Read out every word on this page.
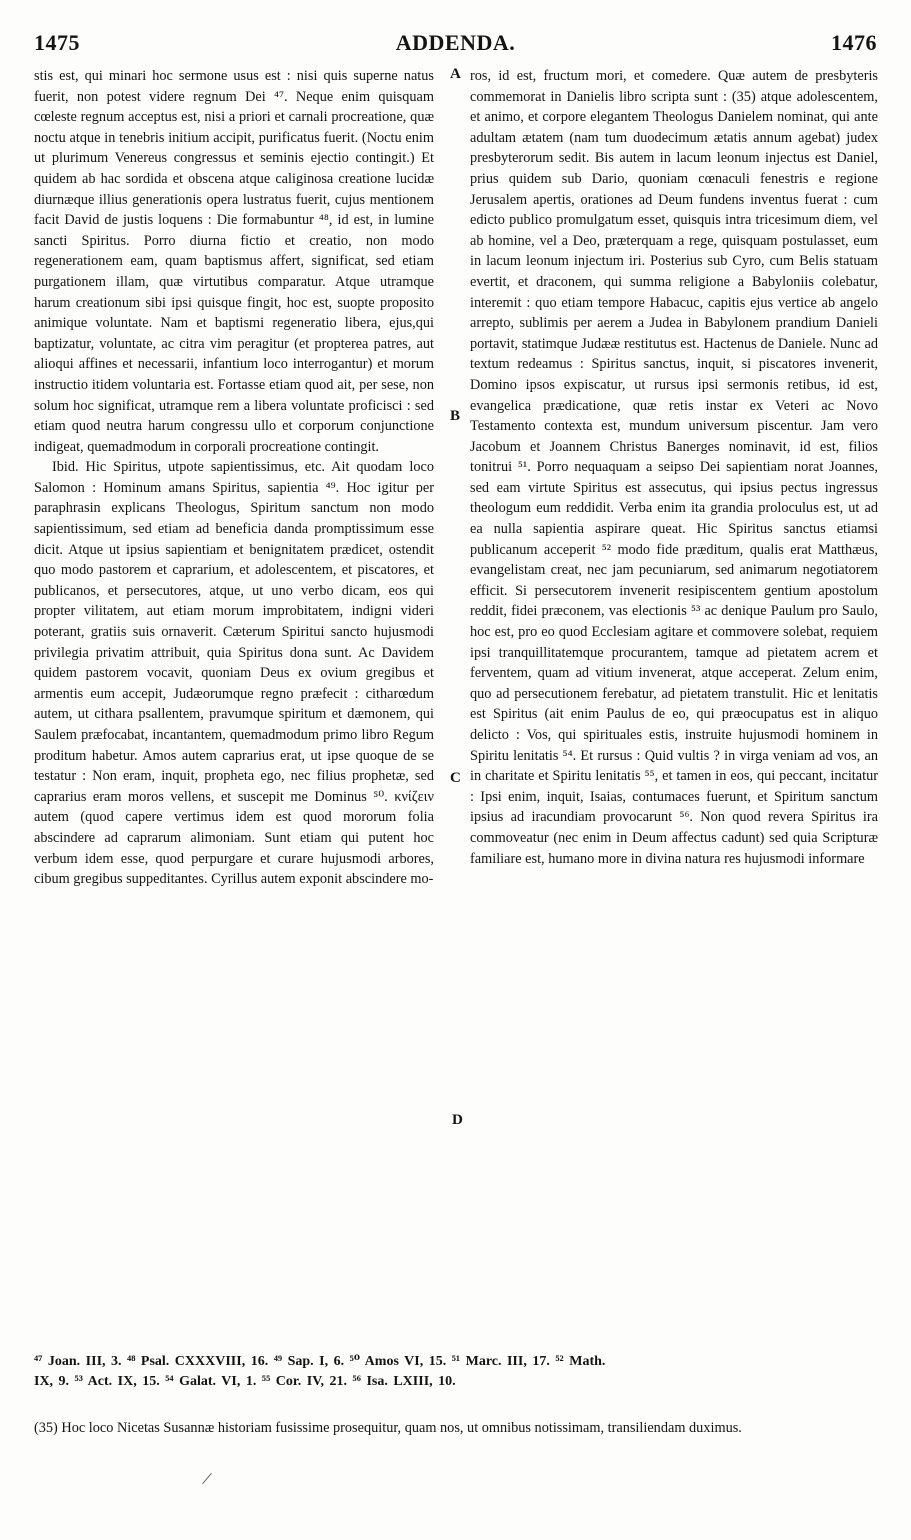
1475	ADDENDA.	1476

stis est, qui minari hoc sermone usus est : nisi quis superne natus fuerit, non potest videre regnum Dei ⁴⁷. Neque enim quisquam cœleste regnum acceptus est, nisi a priori et carnali procreatione, quæ noctu atque in tenebris initium accipit, purificatus fuerit. (Noctu enim ut plurimum Venereus congressus et seminis ejectio contingit.) Et quidem ab hac sordida et obscena atque caliginosa creatione lucidæ diurnæque illius generationis opera lustratus fuerit, cujus mentionem facit David de justis loquens : Die formabuntur ⁴⁸, id est, in lumine sancti Spiritus. Porro diurna fictio et creatio, non modo regenerationem eam, quam baptismus affert, significat, sed etiam purgationem illam, quæ virtutibus comparatur. Atque utramque harum creationum sibi ipsi quisque fingit, hoc est, suopte proposito animique voluntate. Nam et baptismi regeneratio libera, ejus,qui baptizatur, voluntate, ac citra vim peragitur (et propterea patres, aut alioqui affines et necessarii, infantium loco interrogantur) et morum instructio itidem voluntaria est. Fortasse etiam quod ait, per sese, non solum hoc significat, utramque rem a libera voluntate proficisci : sed etiam quod neutra harum congressu ullo et corporum conjunctione indigeat, quemadmodum in corporali procreatione contingit.

Ibid. Hic Spiritus, utpote sapientissimus, etc. Ait quodam loco Salomon : Hominum amans Spiritus, sapientia ⁴⁹. Hoc igitur per paraphrasin explicans Theologus, Spiritum sanctum non modo sapientissimum, sed etiam ad beneficia danda promptissimum esse dicit. Atque ut ipsius sapientiam et benignitatem prædicet, ostendit quo modo pastorem et caprarium, et adolescentem, et piscatores, et publicanos, et persecutores, atque, ut uno verbo dicam, eos qui propter vilitatem, aut etiam morum improbitatem, indigni videri poterant, gratiis suis ornaverit. Cæterum Spiritui sancto hujusmodi privilegia privatim attribuit, quia Spiritus dona sunt. Ac Davidem quidem pastorem vocavit, quoniam Deus ex ovium gregibus et armentis eum accepit, Judæorumque regno præfecit : citharœdum autem, ut cithara psallentem, pravumque spiritum et dæmonem, qui Saulem præfocabat, incantantem, quemadmodum primo libro Regum proditum habetur. Amos autem caprarius erat, ut ipse quoque de se testatur : Non eram, inquit, propheta ego, nec filius prophetæ, sed caprarius eram moros vellens, et suscepit me Dominus ⁵⁰. κνίζειν autem (quod capere vertimus idem est quod mororum folia abscindere ad caprarum alimoniam. Sunt etiam qui putent hoc verbum idem esse, quod perpurgare et curare hujusmodi arbores, cibum gregibus suppeditantes. Cyrillus autem exponit abscindere mo-

A
B
C
D

ros, id est, fructum mori, et comedere. Quæ autem de presbyteris commemorat in Danielis libro scripta sunt : (35) atque adolescentem, et animo, et corpore elegantem Theologus Danielem nominat, qui ante adultam ætatem (nam tum duodecimum ætatis annum agebat) judex presbyterorum sedit. Bis autem in lacum leonum injectus est Daniel, prius quidem sub Dario, quoniam cœnaculi fenestris e regione Jerusalem apertis, orationes ad Deum fundens inventus fuerat : cum edicto publico promulgatum esset, quisquis intra tricesimum diem, vel ab homine, vel a Deo, præterquam a rege, quisquam postulasset, eum in lacum leonum injectum iri. Posterius sub Cyro, cum Belis statuam evertit, et draconem, qui summa religione a Babyloniis colebatur, interemit : quo etiam tempore Habacuc, capitis ejus vertice ab angelo arrepto, sublimis per aerem a Judea in Babylonem prandium Danieli portavit, statimque Judææ restitutus est. Hactenus de Daniele. Nunc ad textum redeamus : Spiritus sanctus, inquit, si piscatores invenerit, Domino ipsos expiscatur, ut rursus ipsi sermonis retibus, id est, evangelica prædicatione, quæ retis instar ex Veteri ac Novo Testamento contexta est, mundum universum piscentur. Jam vero Jacobum et Joannem Christus Banerges nominavit, id est, filios tonitrui ⁵¹. Porro nequaquam a seipso Dei sapientiam norat Joannes, sed eam virtute Spiritus est assecutus, qui ipsius pectus ingressus theologum eum reddidit. Verba enim ita grandia proloculus est, ut ad ea nulla sapientia aspirare queat. Hic Spiritus sanctus etiamsi publicanum acceperit ⁵² modo fide præditum, qualis erat Matthæus, evangelistam creat, nec jam pecuniarum, sed animarum negotiatorem efficit. Si persecutorem invenerit resipiscentem gentium apostolum reddit, fidei præconem, vas electionis ⁵³ ac denique Paulum pro Saulo, hoc est, pro eo quod Ecclesiam agitare et commovere solebat, requiem ipsi tranquillitatemque procurantem, tamque ad pietatem acrem et ferventem, quam ad vitium invenerat, atque acceperat. Zelum enim, quo ad persecutionem ferebatur, ad pietatem transtulit. Hic et lenitatis est Spiritus (ait enim Paulus de eo, qui præocupatus est in aliquo delicto : Vos, qui spirituales estis, instruite hujusmodi hominem in Spiritu lenitatis ⁵⁴. Et rursus : Quid vultis ? in virga veniam ad vos, an in charitate et Spiritu lenitatis ⁵⁵, et tamen in eos, qui peccant, incitatur : Ipsi enim, inquit, Isaias, contumaces fuerunt, et Spiritum sanctum ipsius ad iracundiam provocarunt ⁵⁶. Non quod revera Spiritus ira commoveatur (nec enim in Deum affectus cadunt) sed quia Scripturæ familiare est, humano more in divina natura res hujusmodi informare

⁴⁷ Joan. III, 3. ⁴⁸ Psal. CXXXVIII, 16. ⁴⁹ Sap. I, 6. ⁵⁰ Amos VI, 15. ⁵¹ Marc. III, 17. ⁵² Math.
IX, 9. ⁵³ Act. IX, 15. ⁵⁴ Galat. VI, 1. ⁵⁵ Cor. IV, 21. ⁵⁶ Isa. LXIII, 10.

(35) Hoc loco Nicetas Susannæ historiam fusissime prosequitur, quam nos, ut omnibus notissimam, transiliendam duximus.
